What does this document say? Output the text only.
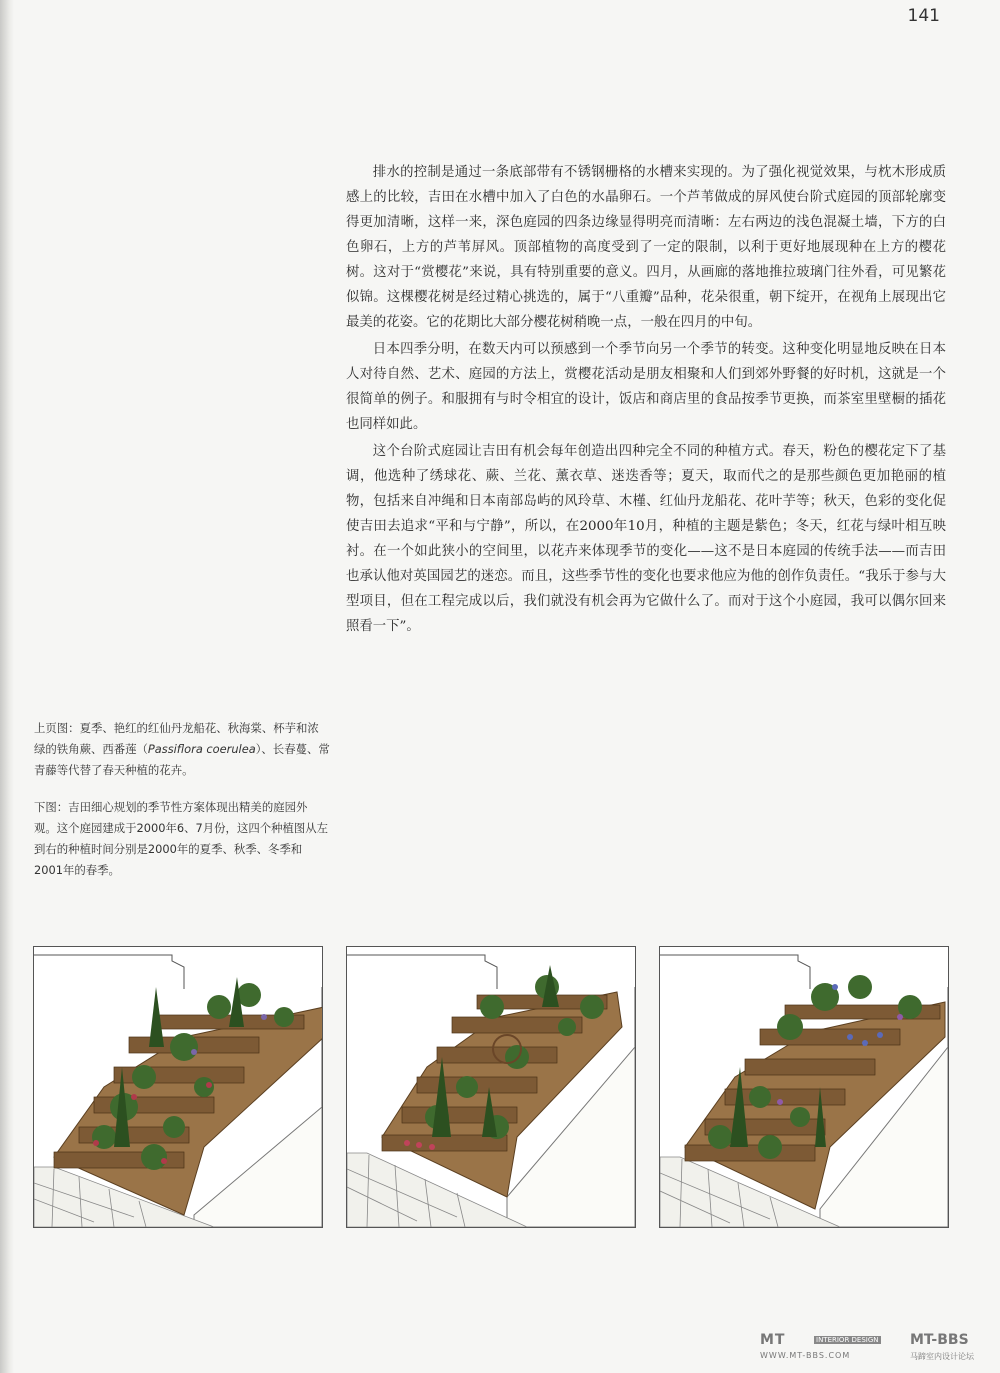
141

排水的控制是通过一条底部带有不锈钢栅格的水槽来实现的。为了强化视觉效果，与枕木形成质感上的比较，吉田在水槽中加入了白色的水晶卵石。一个芦苇做成的屏风使台阶式庭园的顶部轮廓变得更加清晰，这样一来，深色庭园的四条边缘显得明亮而清晰：左右两边的浅色混凝土墙，下方的白色卵石，上方的芦苇屏风。顶部植物的高度受到了一定的限制，以利于更好地展现种在上方的樱花树。这对于“赏樱花”来说，具有特别重要的意义。四月，从画廊的落地推拉玻璃门往外看，可见繁花似锦。这棵樱花树是经过精心挑选的，属于“八重瓣”品种，花朵很重，朝下绽开，在视角上展现出它最美的花姿。它的花期比大部分樱花树稍晚一点，一般在四月的中旬。

日本四季分明，在数天内可以预感到一个季节向另一个季节的转变。这种变化明显地反映在日本人对待自然、艺术、庭园的方法上，赏樱花活动是朋友相聚和人们到郊外野餐的好时机，这就是一个很简单的例子。和服拥有与时令相宜的设计，饭店和商店里的食品按季节更换，而茶室里壁橱的插花也同样如此。

这个台阶式庭园让吉田有机会每年创造出四种完全不同的种植方式。春天，粉色的樱花定下了基调，他选种了绣球花、蕨、兰花、薰衣草、迷迭香等；夏天，取而代之的是那些颜色更加艳丽的植物，包括来自冲绳和日本南部岛屿的风玲草、木槿、红仙丹龙船花、花叶芋等；秋天，色彩的变化促使吉田去追求“平和与宁静”，所以，在2000年10月，种植的主题是紫色；冬天，红花与绿叶相互映衬。在一个如此狭小的空间里，以花卉来体现季节的变化——这不是日本庭园的传统手法——而吉田也承认他对英国园艺的迷恋。而且，这些季节性的变化也要求他应为他的创作负责任。“我乐于参与大型项目，但在工程完成以后，我们就没有机会再为它做什么了。而对于这个小庭园，我可以偶尔回来照看一下”。

上页图：夏季、艳红的红仙丹龙船花、秋海棠、杯芋和浓绿的铁角蕨、西番莲（Passiflora coerulea）、长春蔓、常青藤等代替了春天种植的花卉。

下图：吉田细心规划的季节性方案体现出精美的庭园外观。这个庭园建成于2000年6、7月份，这四个种植图从左到右的种植时间分别是2000年的夏季、秋季、冬季和2001年的春季。

MT	INTERIOR DESIGN MT-BBS
WWW.MT-BBS.COM	马蹄室内设计论坛
